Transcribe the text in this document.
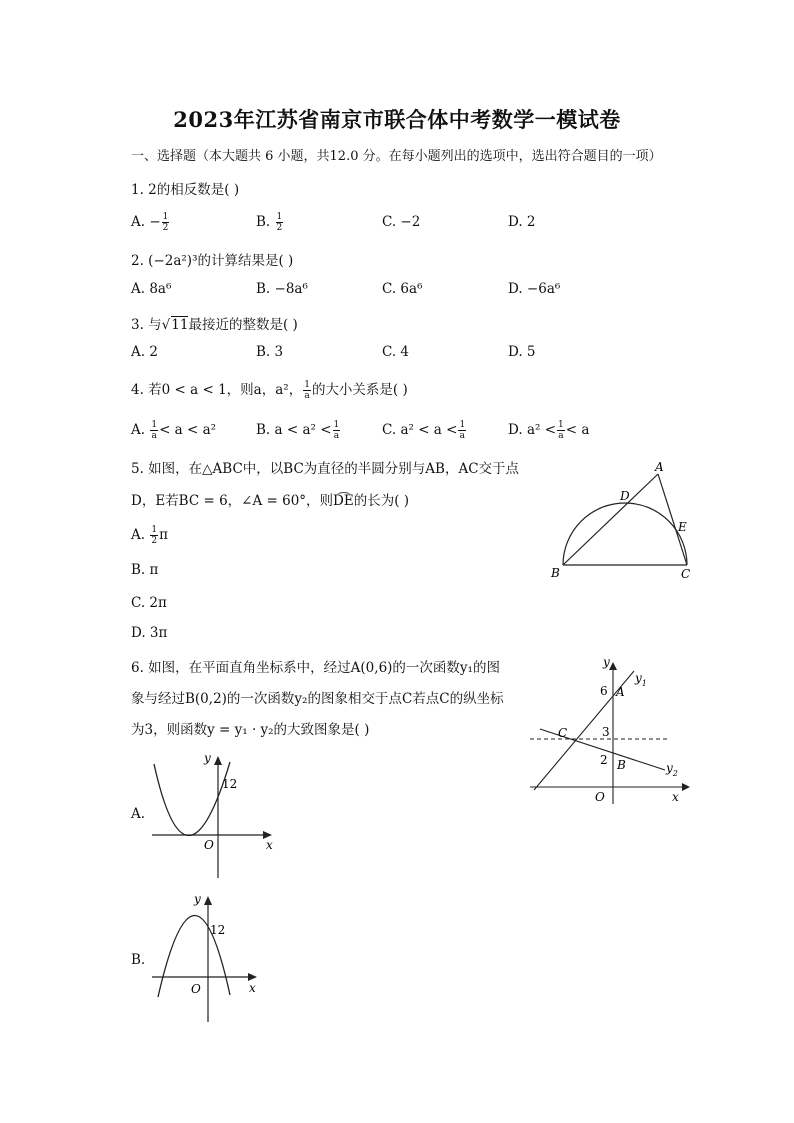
2023年江苏省南京市联合体中考数学一模试卷
一、选择题（本大题共 6 小题，共12.0 分。在每小题列出的选项中，选出符合题目的一项）
1. 2的相反数是( )
A. − $\frac{1}{2}$	B. $\frac{1}{2}$	C. −2	D. 2
2. (−2a²)³的计算结果是( )
A. 8a⁶	B. −8a⁶	C. 6a⁶	D. −6a⁶
3. 与√11最接近的整数是( )
A. 2	B. 3	C. 4	D. 5
4. 若0 < a < 1，则a，a²， $\frac{1}{a}$ 的大小关系是( )
A. $\frac{1}{a} < a < a^2$	B. $a < a^2 < \frac{1}{a}$	C. $a^2 < a < \frac{1}{a}$	D. $a^2 < \frac{1}{a} < a$
5. 如图，在△ABC中，以BC为直径的半圆分别与AB，AC交于点
D，E若BC = 6，∠A = 60°，则D͡E的长为( )
A. $\frac{1}{2}$ π
B. π
C. 2π
D. 3π
A
D
E
B	C
6. 如图，在平面直角坐标系中，经过A(0,6)的一次函数y₁的图
象与经过B(0,2)的一次函数y₂的图象相交于点C若点C的纵坐标
为3，则函数y = y₁ · y₂的大致图象是( )
y
$y_1$
$y_2$
6 A
3
C
2 B
O	x
A.
y
12
O	x
B.
y
12
O	x
